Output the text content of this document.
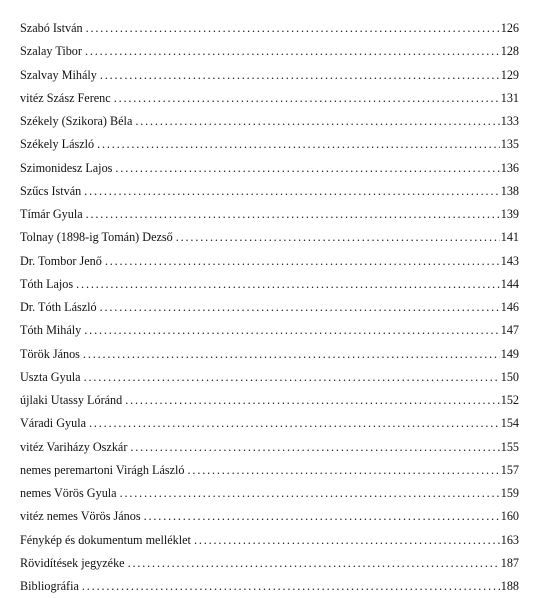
Szabó István . . .	126
Szalay Tibor . . .	128
Szalvay Mihály . . .	129
vitéz Szász Ferenc . . .	131
Székely (Szikora) Béla . . .	133
Székely László . . .	135
Szimonidesz Lajos . . .	136
Szűcs István . . .	138
Tímár Gyula . . .	139
Tolnay (1898-ig Tomán) Dezső . . .	141
Dr. Tombor Jenő . . .	143
Tóth Lajos . . .	144
Dr. Tóth László . . .	146
Tóth Mihály . . .	147
Török János . . .	149
Uszta Gyula . . .	150
újlaki Utassy Lóránd . . .	152
Váradi Gyula . . .	154
vitéz Variházy Oszkár . . .	155
nemes peremartoni Virágh László . . .	157
nemes Vörös Gyula . . .	159
vitéz nemes Vörös János . . .	160
Fénykép és dokumentum melléklet . . .	163
Rövidítések jegyzéke . . .	187
Bibliográfia . . .	188
